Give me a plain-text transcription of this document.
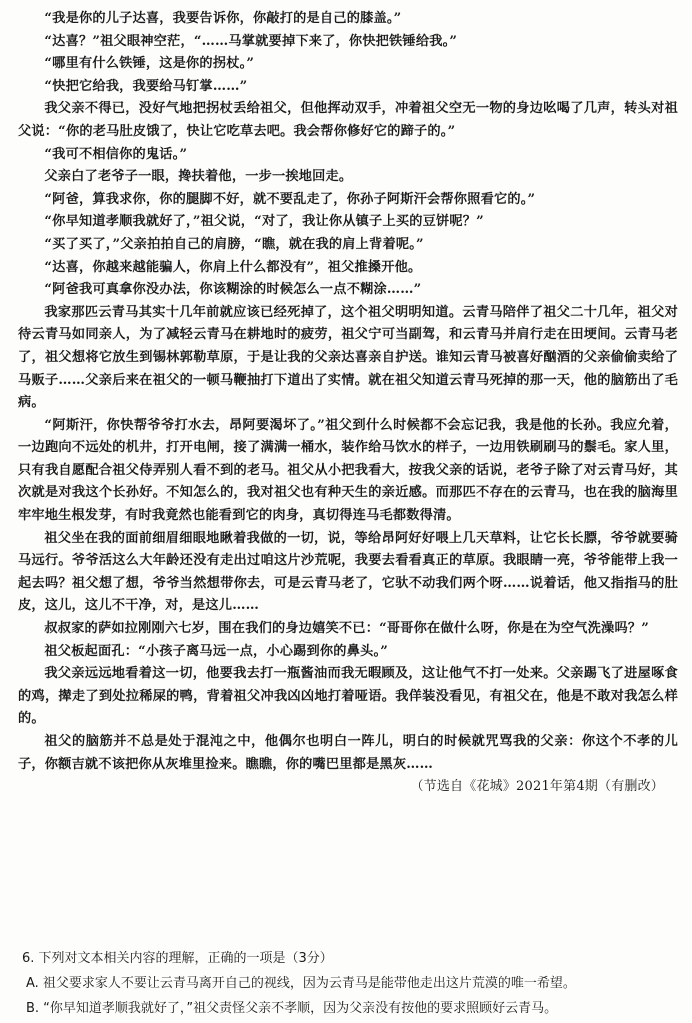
“我是你的儿子达喜，我要告诉你，你敲打的是自己的膝盖。”

“达喜？”祖父眼神空茫，“……马掌就要掉下来了，你快把铁锤给我。”

“哪里有什么铁锤，这是你的拐杖。”

“快把它给我，我要给马钉掌……”

我父亲不得已，没好气地把拐杖丢给祖父，但他挥动双手，冲着祖父空无一物的身边吆喝了几声，转头对祖父说：“你的老马肚皮饿了，快让它吃草去吧。我会帮你修好它的蹄子的。”

“我可不相信你的鬼话。”

父亲白了老爷子一眼，搀扶着他，一步一挨地回走。

“阿爸，算我求你，你的腿脚不好，就不要乱走了，你孙子阿斯汗会帮你照看它的。”

“你早知道孝顺我就好了，”祖父说，“对了，我让你从镇子上买的豆饼呢？”

“买了买了，”父亲拍拍自己的肩膀，“瞧，就在我的肩上背着呢。”

“达喜，你越来越能骗人，你肩上什么都没有”，祖父推搡开他。

“阿爸我可真拿你没办法，你该糊涂的时候怎么一点不糊涂……”

我家那匹云青马其实十几年前就应该已经死掉了，这个祖父明明知道。云青马陪伴了祖父二十几年，祖父对待云青马如同亲人，为了减轻云青马在耕地时的疲劳，祖父宁可当副驾，和云青马并肩行走在田埂间。云青马老了，祖父想将它放生到锡林郭勒草原，于是让我的父亲达喜亲自护送。谁知云青马被喜好酗酒的父亲偷偷卖给了马贩子……父亲后来在祖父的一顿马鞭抽打下道出了实情。就在祖父知道云青马死掉的那一天，他的脑筋出了毛病。

“阿斯汗，你快帮爷爷打水去，昂阿要渴坏了。”祖父到什么时候都不会忘记我，我是他的长孙。我应允着，一边跑向不远处的机井，打开电闸，接了满满一桶水，装作给马饮水的样子，一边用铁刷刷马的鬃毛。家人里，只有我自愿配合祖父侍弄别人看不到的老马。祖父从小把我看大，按我父亲的话说，老爷子除了对云青马好，其次就是对我这个长孙好。不知怎么的，我对祖父也有种天生的亲近感。而那匹不存在的云青马，也在我的脑海里牢牢地生根发芽，有时我竟然也能看到它的肉身，真切得连马毛都数得清。

祖父坐在我的面前细眉细眼地瞅着我做的一切，说，等给昂阿好好喂上几天草料，让它长长膘，爷爷就要骑马远行。爷爷活这么大年龄还没有走出过咱这片沙荒呢，我要去看看真正的草原。我眼睛一亮，爷爷能带上我一起去吗？祖父想了想，爷爷当然想带你去，可是云青马老了，它驮不动我们两个呀……说着话，他又指指马的肚皮，这儿，这儿不干净，对，是这儿……

叔叔家的萨如拉刚刚六七岁，围在我们的身边嬉笑不已：“哥哥你在做什么呀，你是在为空气洗澡吗？”

祖父板起面孔：“小孩子离马远一点，小心踢到你的鼻头。”

我父亲远远地看着这一切，他要我去打一瓶酱油而我无暇顾及，这让他气不打一处来。父亲踢飞了进屋啄食的鸡，撵走了到处拉稀屎的鸭，背着祖父冲我凶凶地打着哑语。我佯装没看见，有祖父在，他是不敢对我怎么样的。

祖父的脑筋并不总是处于混沌之中，他偶尔也明白一阵儿，明白的时候就咒骂我的父亲：你这个不孝的儿子，你额吉就不该把你从灰堆里捡来。瞧瞧，你的嘴巴里都是黑灰……

（节选自《花城》2021年第4期（有删改）

6. 下列对文本相关内容的理解，正确的一项是（3分）

A. 祖父要求家人不要让云青马离开自己的视线，因为云青马是能带他走出这片荒漠的唯一希望。

B. “你早知道孝顺我就好了，”祖父责怪父亲不孝顺，因为父亲没有按他的要求照顾好云青马。
